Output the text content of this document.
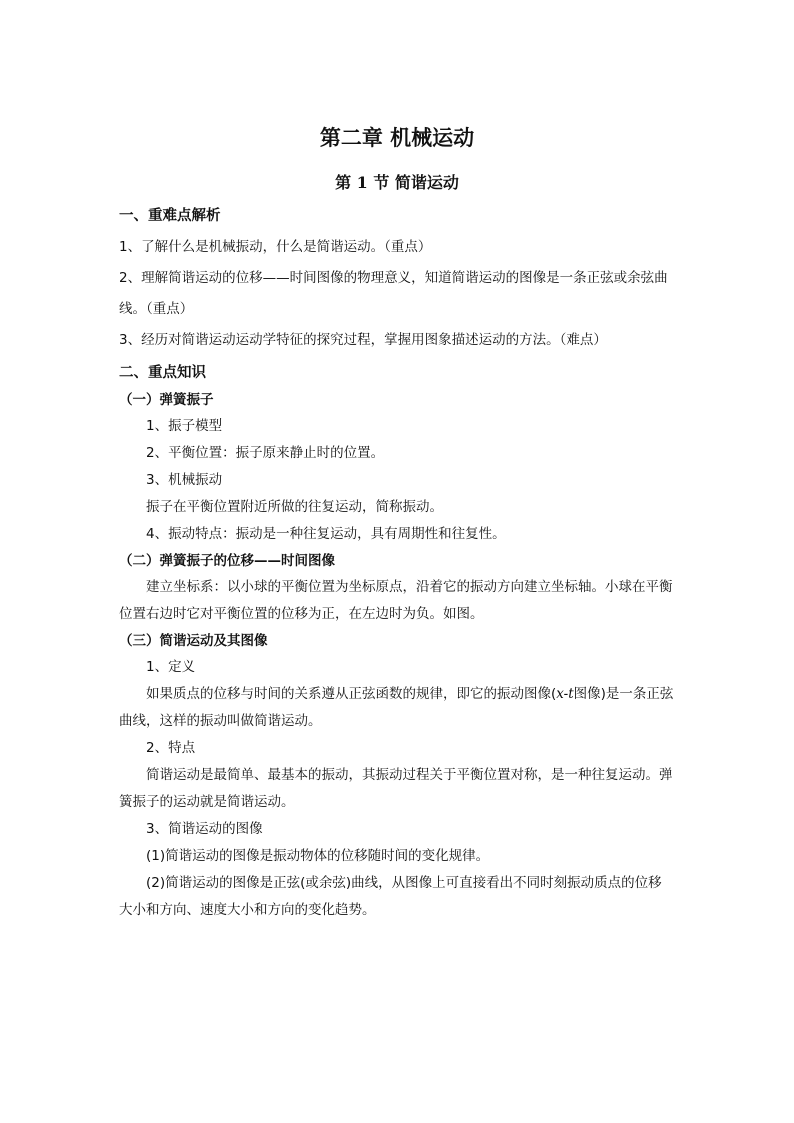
第二章 机械运动
第 1 节 简谐运动
一、重难点解析
1、了解什么是机械振动，什么是简谐运动。（重点）
2、理解简谐运动的位移——时间图像的物理意义，知道简谐运动的图像是一条正弦或余弦曲线。（重点）
3、经历对简谐运动运动学特征的探究过程，掌握用图象描述运动的方法。（难点）
二、重点知识
（一）弹簧振子
1、振子模型
2、平衡位置：振子原来静止时的位置。
3、机械振动
振子在平衡位置附近所做的往复运动，简称振动。
4、振动特点：振动是一种往复运动，具有周期性和往复性。
（二）弹簧振子的位移——时间图像
建立坐标系：以小球的平衡位置为坐标原点，沿着它的振动方向建立坐标轴。小球在平衡位置右边时它对平衡位置的位移为正，在左边时为负。如图。
（三）简谐运动及其图像
1、定义
如果质点的位移与时间的关系遵从正弦函数的规律，即它的振动图像(x-t图像)是一条正弦曲线，这样的振动叫做简谐运动。
2、特点
简谐运动是最简单、最基本的振动，其振动过程关于平衡位置对称，是一种往复运动。弹簧振子的运动就是简谐运动。
3、简谐运动的图像
(1)简谐运动的图像是振动物体的位移随时间的变化规律。
(2)简谐运动的图像是正弦(或余弦)曲线，从图像上可直接看出不同时刻振动质点的位移大小和方向、速度大小和方向的变化趋势。
